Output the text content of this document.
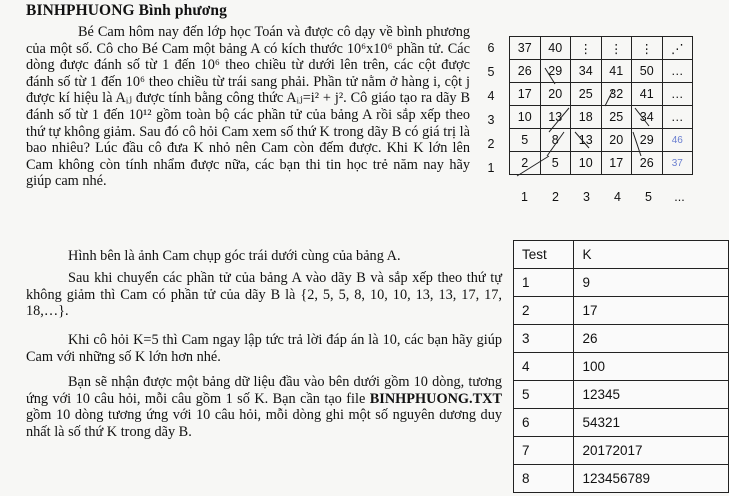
BINHPHUONG Bình phương

Bé Cam hôm nay đến lớp học Toán và được cô dạy về bình phương của một số. Cô cho Bé Cam một bảng A có kích thước 10⁶x10⁶ phần tử. Các dòng được đánh số từ 1 đến 10⁶ theo chiều từ dưới lên trên, các cột được đánh số từ 1 đến 10⁶ theo chiều từ trái sang phải. Phần tử nằm ở hàng i, cột j được kí hiệu là Aᵢⱼ được tính bằng công thức Aᵢⱼ=i² + j². Cô giáo tạo ra dãy B đánh số từ 1 đến 10¹² gồm toàn bộ các phần tử của bảng A rồi sắp xếp theo thứ tự không giảm. Sau đó cô hỏi Cam xem số thứ K trong dãy B có giá trị là bao nhiêu? Lúc đầu cô đưa K nhỏ nên Cam còn đếm được. Khi K lớn lên Cam không còn tính nhẩm được nữa, các bạn thi tin học trẻ năm nay hãy giúp cam nhé.

Hình bên là ảnh Cam chụp góc trái dưới cùng của bảng A.

Sau khi chuyển các phần tử của bảng A vào dãy B và sắp xếp theo thứ tự không giảm thì Cam có phần tử của dãy B là {2, 5, 5, 8, 10, 10, 13, 13, 17, 17, 18,…}.

Khi cô hỏi K=5 thì Cam ngay lập tức trả lời đáp án là 10, các bạn hãy giúp Cam với những số K lớn hơn nhé.

Bạn sẽ nhận được một bảng dữ liệu đầu vào bên dưới gồm 10 dòng, tương ứng với 10 câu hỏi, mỗi câu gồm 1 số K. Bạn cần tạo file BINHPHUONG.TXT gồm 10 dòng tương ứng với 10 câu hỏi, mỗi dòng ghi một số nguyên dương duy nhất là số thứ K trong dãy B.

6
5
4
3
2
1
37	40	⋮	⋮	⋮	⋰
26	29	34	41	50	…
17	20	25	32	41	…
10	13	18	25	34	…
5	8	13	20	29	46
2	5	10	17	26	37
1	2	3	4	5	...
Test	K
1	9
2	17
3	26
4	100
5	12345
6	54321
7	20172017
8	123456789
